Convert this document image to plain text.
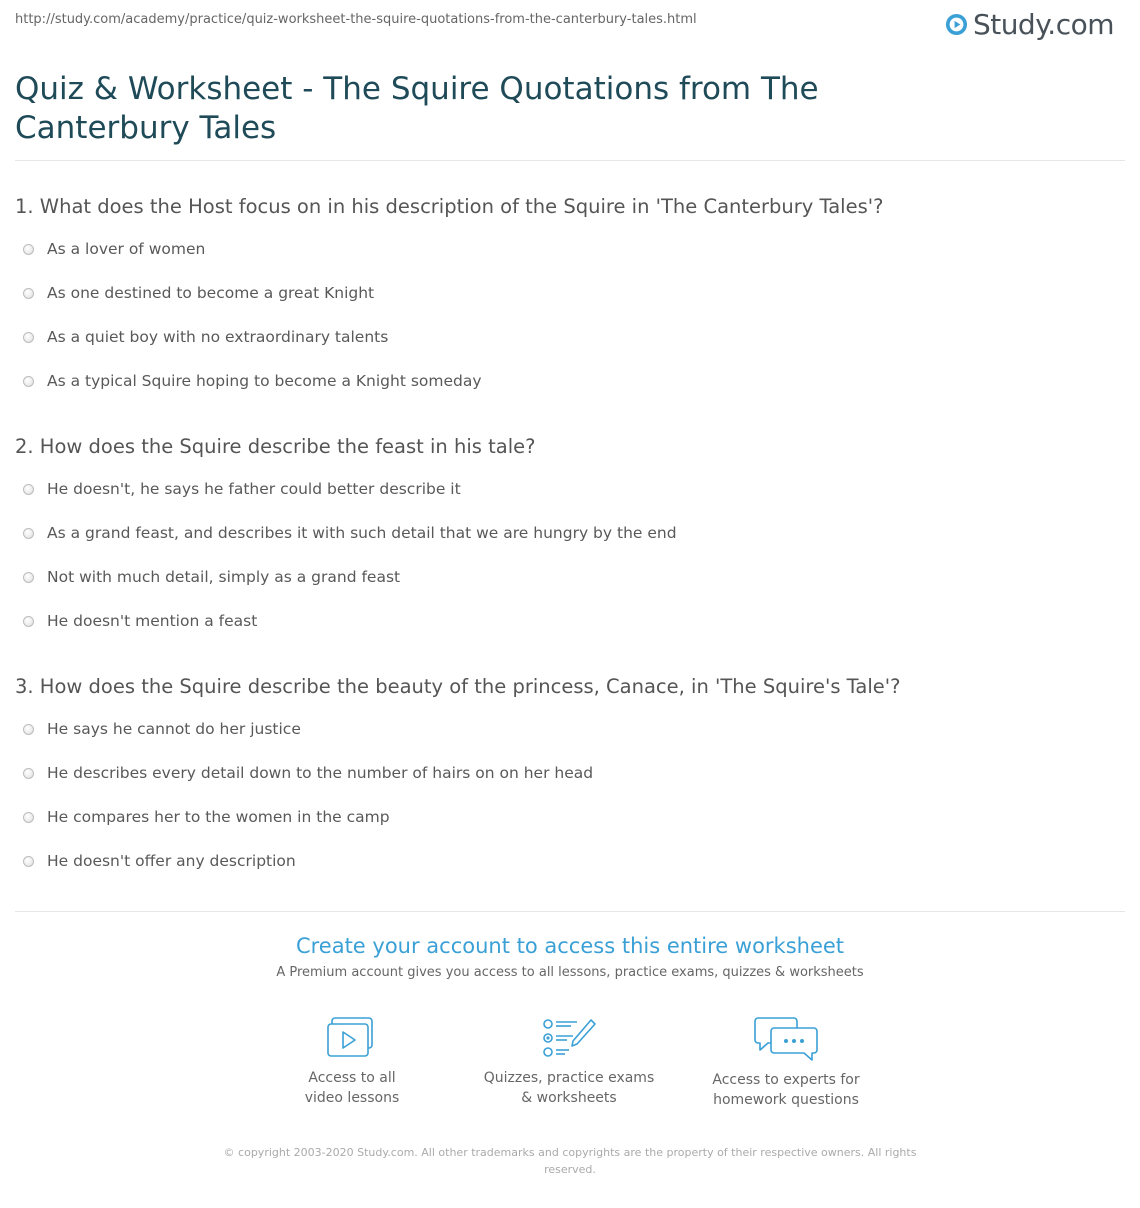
http://study.com/academy/practice/quiz-worksheet-the-squire-quotations-from-the-canterbury-tales.html	Study.com
Quiz & Worksheet - The Squire Quotations from The Canterbury Tales
1. What does the Host focus on in his description of the Squire in 'The Canterbury Tales'?
As a lover of women
As one destined to become a great Knight
As a quiet boy with no extraordinary talents
As a typical Squire hoping to become a Knight someday
2. How does the Squire describe the feast in his tale?
He doesn't, he says he father could better describe it
As a grand feast, and describes it with such detail that we are hungry by the end
Not with much detail, simply as a grand feast
He doesn't mention a feast
3. How does the Squire describe the beauty of the princess, Canace, in 'The Squire's Tale'?
He says he cannot do her justice
He describes every detail down to the number of hairs on on her head
He compares her to the women in the camp
He doesn't offer any description
Create your account to access this entire worksheet
A Premium account gives you access to all lessons, practice exams, quizzes & worksheets
Access to all
video lessons
Quizzes, practice exams
& worksheets
Access to experts for
homework questions
© copyright 2003-2020 Study.com. All other trademarks and copyrights are the property of their respective owners. All rights reserved.
